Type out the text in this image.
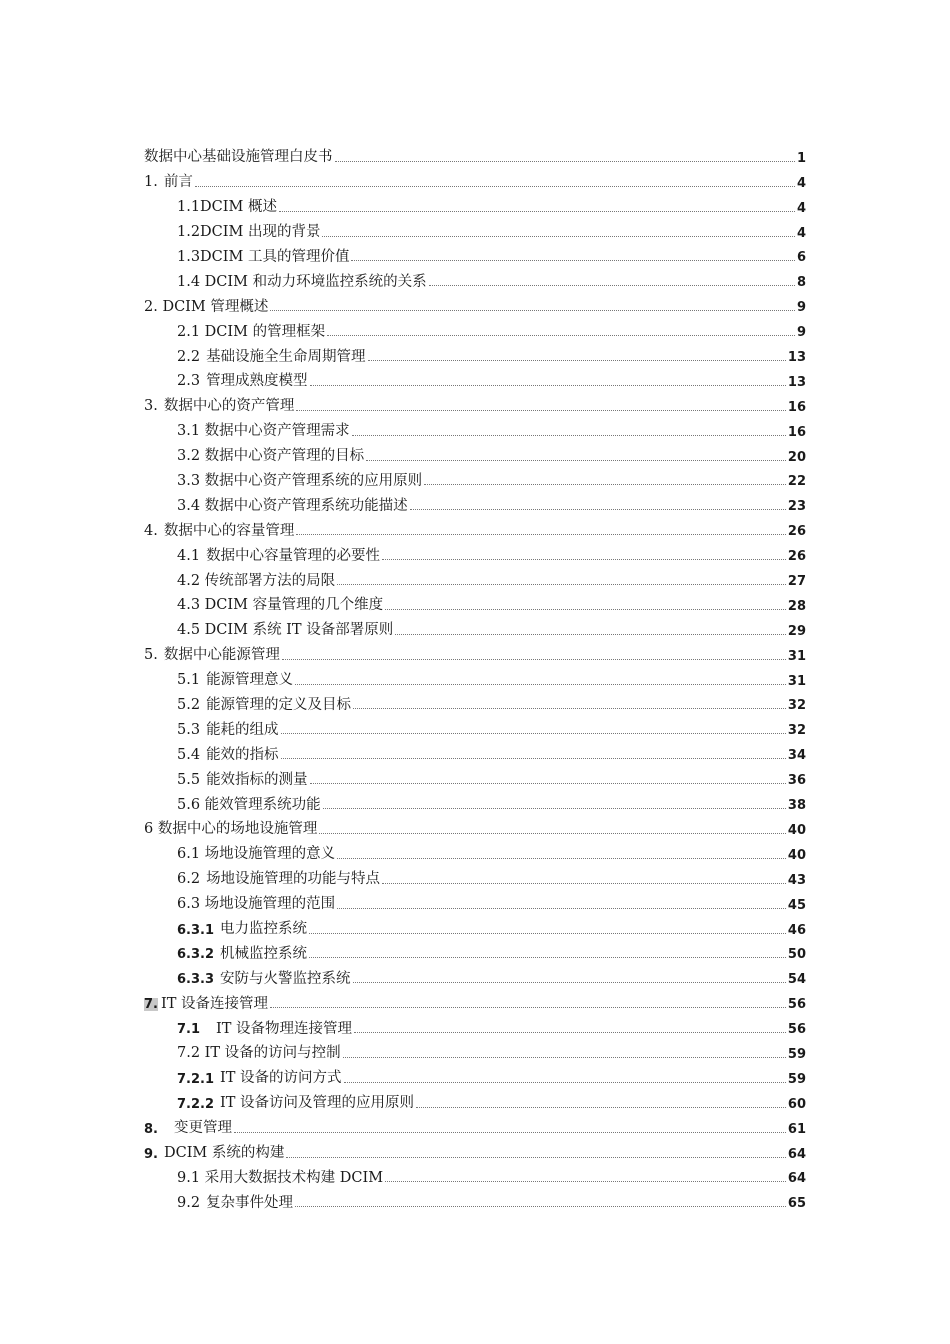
数据中心基础设施管理白皮书	1
1. 前言	4
1.1DCIM 概述	4
1.2DCIM 出现的背景	4
1.3DCIM 工具的管理价值	6
1.4 DCIM 和动力环境监控系统的关系	8
2. DCIM 管理概述	9
2.1 DCIM 的管理框架	9
2.2 基础设施全生命周期管理	13
2.3 管理成熟度模型	13
3. 数据中心的资产管理	16
3.1 数据中心资产管理需求	16
3.2 数据中心资产管理的目标	20
3.3 数据中心资产管理系统的应用原则	22
3.4 数据中心资产管理系统功能描述	23
4. 数据中心的容量管理	26
4.1 数据中心容量管理的必要性	26
4.2 传统部署方法的局限	27
4.3 DCIM 容量管理的几个维度	28
4.5 DCIM 系统 IT 设备部署原则	29
5. 数据中心能源管理	31
5.1 能源管理意义	31
5.2 能源管理的定义及目标	32
5.3 能耗的组成	32
5.4 能效的指标	34
5.5 能效指标的测量	36
5.6 能效管理系统功能	38
6 数据中心的场地设施管理	40
6.1 场地设施管理的意义	40
6.2 场地设施管理的功能与特点	43
6.3 场地设施管理的范围	45
6.3.1 电力监控系统	46
6.3.2 机械监控系统	50
6.3.3 安防与火警监控系统	54
7. IT 设备连接管理	56
7.1 IT 设备物理连接管理	56
7.2 IT 设备的访问与控制	59
7.2.1 IT 设备的访问方式	59
7.2.2 IT 设备访问及管理的应用原则	60
8. 变更管理	61
9. DCIM 系统的构建	64
9.1 采用大数据技术构建 DCIM	64
9.2 复杂事件处理	65
